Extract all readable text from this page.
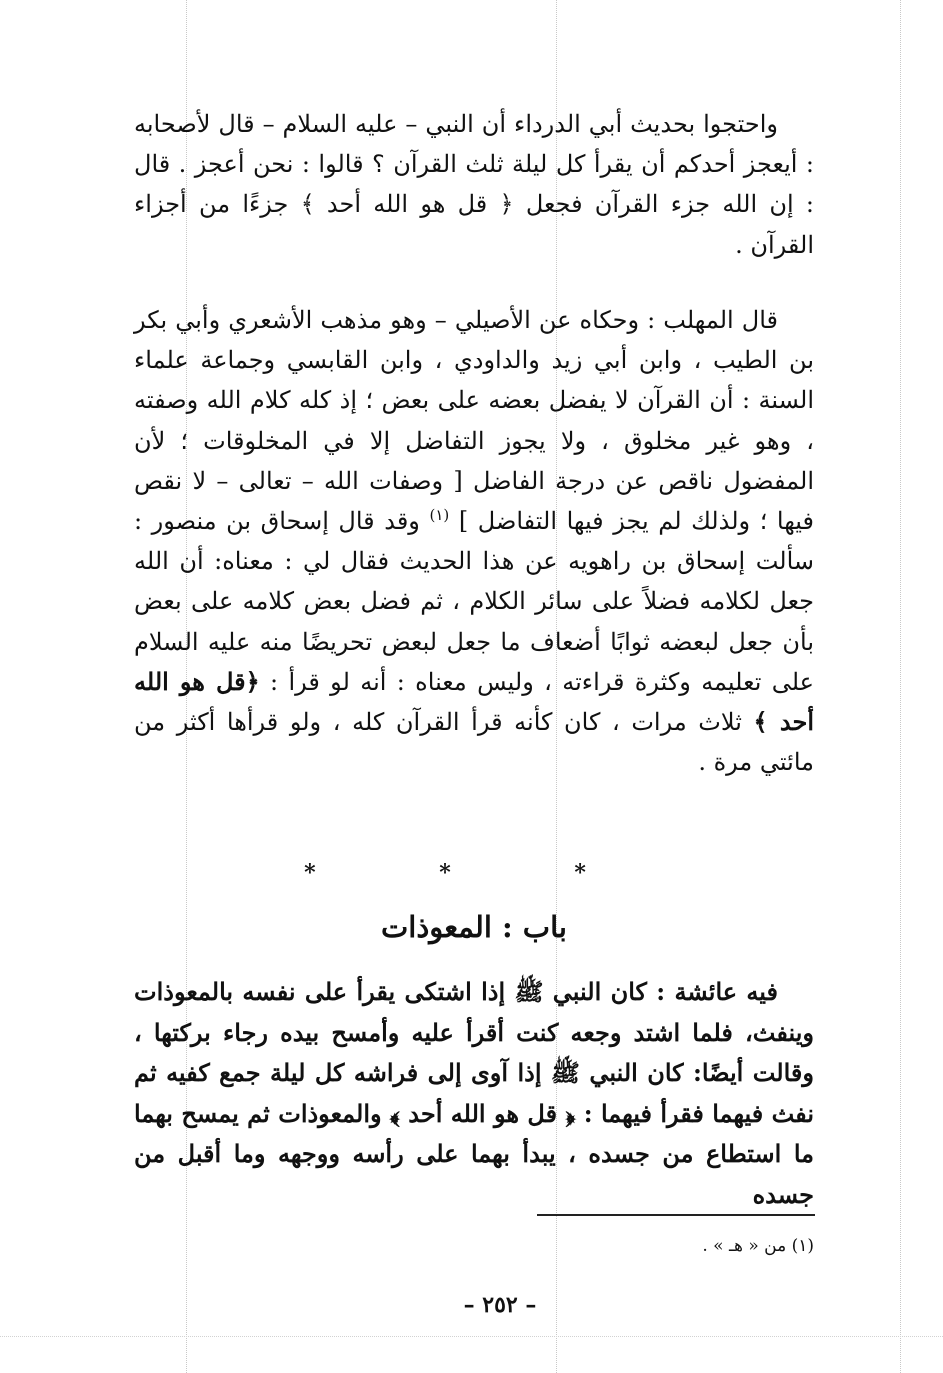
واحتجوا بحديث أبي الدرداء أن النبي – عليه السلام – قال لأصحابه : أيعجز أحدكم أن يقرأ كل ليلة ثلث القرآن ؟ قالوا : نحن أعجز . قال : إن الله جزء القرآن فجعل ﴿ قل هو الله أحد ﴾ جزءًا من أجزاء القرآن .

قال المهلب : وحكاه عن الأصيلي – وهو مذهب الأشعري وأبي بكر بن الطيب ، وابن أبي زيد والداودي ، وابن القابسي وجماعة علماء السنة : أن القرآن لا يفضل بعضه على بعض ؛ إذ كله كلام الله وصفته ، وهو غير مخلوق ، ولا يجوز التفاضل إلا في المخلوقات ؛ لأن المفضول ناقص عن درجة الفاضل [ وصفات الله – تعالى – لا نقص فيها ؛ ولذلك لم يجز فيها التفاضل ] $^{(١)}$ وقد قال إسحاق بن منصور : سألت إسحاق بن راهويه عن هذا الحديث فقال لي : معناه: أن الله جعل لكلامه فضلاً على سائر الكلام ، ثم فضل بعض كلامه على بعض بأن جعل لبعضه ثوابًا أضعاف ما جعل لبعض تحريضًا منه عليه السلام على تعليمه وكثرة قراءته ، وليس معناه : أنه لو قرأ : ﴿قل هو الله أحد ﴾ ثلاث مرات ، كان كأنه قرأ القرآن كله ، ولو قرأها أكثر من مائتي مرة .

* * *
باب : المعوذات

فيه عائشة : كان النبي ﷺ إذا اشتكى يقرأ على نفسه بالمعوذات وينفث، فلما اشتد وجعه كنت أقرأ عليه وأمسح بيده رجاء بركتها ، وقالت أيضًا: كان النبي ﷺ إذا آوى إلى فراشه كل ليلة جمع كفيه ثم نفث فيهما فقرأ فيهما : ﴿ قل هو الله أحد ﴾ والمعوذات ثم يمسح بهما ما استطاع من جسده ، يبدأ بهما على رأسه ووجهه وما أقبل من جسده

(١) من « هـ » .

– ٢٥٢ –
